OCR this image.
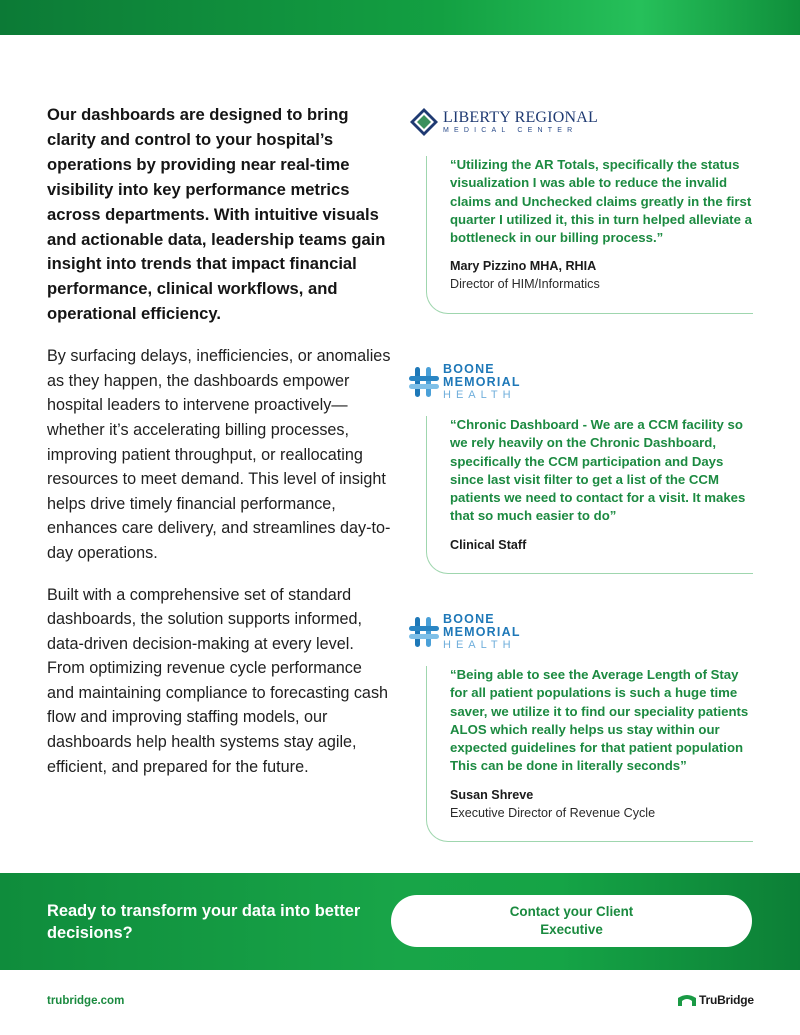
Our dashboards are designed to bring clarity and control to your hospital’s operations by providing near real-time visibility into key performance metrics across departments. With intuitive visuals and actionable data, leadership teams gain insight into trends that impact financial performance, clinical workflows, and operational efficiency.

By surfacing delays, inefficiencies, or anomalies as they happen, the dashboards empower hospital leaders to intervene proactively—whether it’s accelerating billing processes, improving patient throughput, or reallocating resources to meet demand. This level of insight helps drive timely financial performance, enhances care delivery, and streamlines day-to-day operations.

Built with a comprehensive set of standard dashboards, the solution supports informed, data-driven decision-making at every level. From optimizing revenue cycle performance and maintaining compliance to forecasting cash flow and improving staffing models, our dashboards help health systems stay agile, efficient, and prepared for the future.

LIBERTY REGIONAL
MEDICAL CENTER

“Utilizing the AR Totals, specifically the status visualization I was able to reduce the invalid claims and Unchecked claims greatly in the first quarter I utilized it, this in turn helped alleviate a bottleneck in our billing process.”

Mary Pizzino MHA, RHIA

Director of HIM/Informatics

BOONE
MEMORIAL
HEALTH

“Chronic Dashboard - We are a CCM facility so we rely heavily on the Chronic Dashboard, specifically the CCM participation and Days since last visit filter to get a list of the CCM patients we need to contact for a visit. It makes that so much easier to do”

Clinical Staff

BOONE
MEMORIAL
HEALTH

“Being able to see the Average Length of Stay for all patient populations is such a huge time saver, we utilize it to find our speciality patients ALOS which really helps us stay within our expected guidelines for that patient population This can be done in literally seconds”

Susan Shreve

Executive Director of Revenue Cycle

Ready to transform your data into better decisions?

Contact your Client Executive
trubridge.com	TruBridge
